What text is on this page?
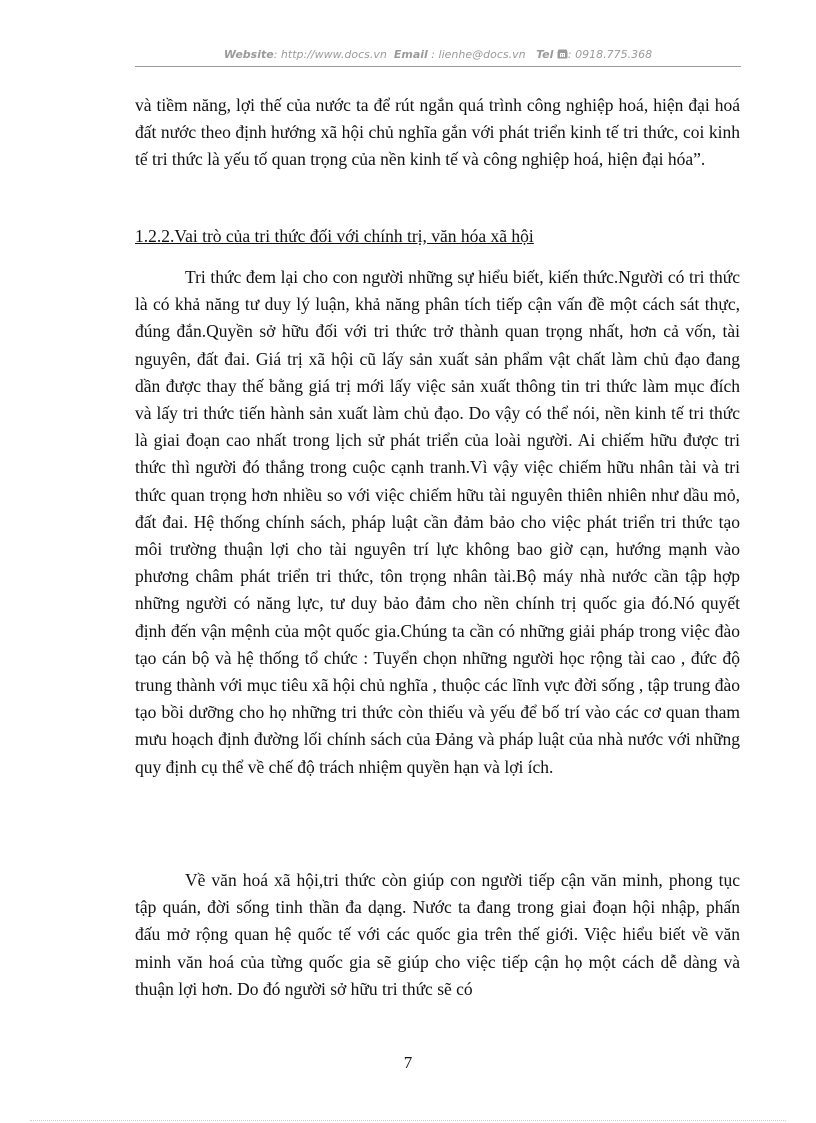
Website: http://www.docs.vn Email : lienhe@docs.vn Tel : 0918.775.368

và tiềm năng, lợi thế của nước ta để rút ngắn quá trình công nghiệp hoá, hiện đại hoá đất nước theo định hướng xã hội chủ nghĩa gắn với phát triển kinh tế tri thức, coi kinh tế tri thức là yếu tố quan trọng của nền kinh tế và công nghiệp hoá, hiện đại hóa”.

1.2.2.Vai trò của tri thức đối với chính trị, văn hóa xã hội

Tri thức đem lại cho con người những sự hiểu biết, kiến thức.Người có tri thức là có khả năng tư duy lý luận, khả năng phân tích tiếp cận vấn đề một cách sát thực, đúng đắn.Quyền sở hữu đối với tri thức trở thành quan trọng nhất, hơn cả vốn, tài nguyên, đất đai. Giá trị xã hội cũ lấy sản xuất sản phẩm vật chất làm chủ đạo đang dần được thay thế bằng giá trị mới lấy việc sản xuất thông tin tri thức làm mục đích và lấy tri thức tiến hành sản xuất làm chủ đạo. Do vậy có thể nói, nền kinh tế tri thức là giai đoạn cao nhất trong lịch sử phát triển của loài người. Ai chiếm hữu được tri thức thì người đó thắng trong cuộc cạnh tranh.Vì vậy việc chiếm hữu nhân tài và tri thức quan trọng hơn nhiều so với việc chiếm hữu tài nguyên thiên nhiên như dầu mỏ, đất đai. Hệ thống chính sách, pháp luật cần đảm bảo cho việc phát triển tri thức tạo môi trường thuận lợi cho tài nguyên trí lực không bao giờ cạn, hướng mạnh vào phương châm phát triển tri thức, tôn trọng nhân tài.Bộ máy nhà nước cần tập hợp những người có năng lực, tư duy bảo đảm cho nền chính trị quốc gia đó.Nó quyết định đến vận mệnh của một quốc gia.Chúng ta cần có những giải pháp trong việc đào tạo cán bộ và hệ thống tổ chức : Tuyển chọn những người học rộng tài cao , đức độ trung thành với mục tiêu xã hội chủ nghĩa , thuộc các lĩnh vực đời sống , tập trung đào tạo bồi dưỡng cho họ những tri thức còn thiếu và yếu để bố trí vào các cơ quan tham mưu hoạch định đường lối chính sách của Đảng và pháp luật của nhà nước với những quy định cụ thể về chế độ trách nhiệm quyền hạn và lợi ích.

Về văn hoá xã hội,tri thức còn giúp con người tiếp cận văn minh, phong tục tập quán, đời sống tinh thần đa dạng. Nước ta đang trong giai đoạn hội nhập, phấn đấu mở rộng quan hệ quốc tế với các quốc gia trên thế giới. Việc hiểu biết về văn minh văn hoá của từng quốc gia sẽ giúp cho việc tiếp cận họ một cách dễ dàng và thuận lợi hơn. Do đó người sở hữu tri thức sẽ có

7
